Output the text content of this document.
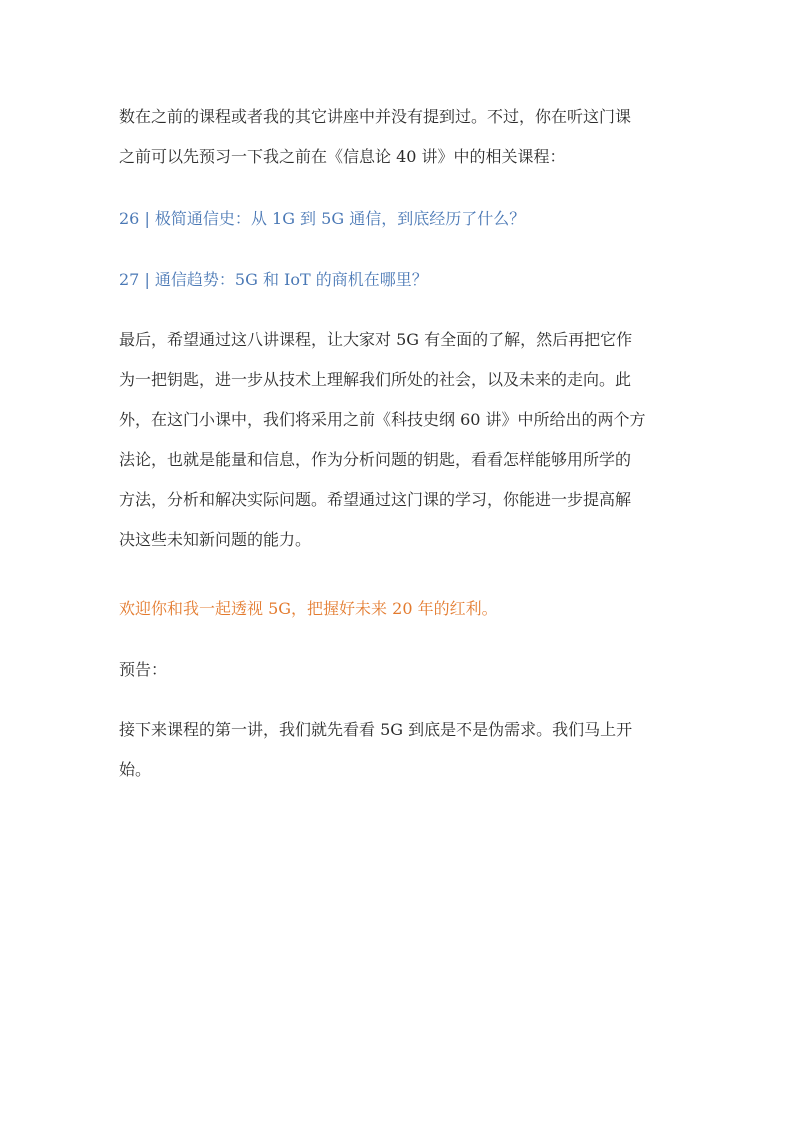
数在之前的课程或者我的其它讲座中并没有提到过。不过，你在听这门课
之前可以先预习一下我之前在《信息论 40 讲》中的相关课程：
26 | 极简通信史：从 1G 到 5G 通信，到底经历了什么？
27 | 通信趋势：5G 和 IoT 的商机在哪里？
最后，希望通过这八讲课程，让大家对 5G 有全面的了解，然后再把它作
为一把钥匙，进一步从技术上理解我们所处的社会，以及未来的走向。此
外，在这门小课中，我们将采用之前《科技史纲 60 讲》中所给出的两个方
法论，也就是能量和信息，作为分析问题的钥匙，看看怎样能够用所学的
方法，分析和解决实际问题。希望通过这门课的学习，你能进一步提高解
决这些未知新问题的能力。
欢迎你和我一起透视 5G，把握好未来 20 年的红利。
预告：
接下来课程的第一讲，我们就先看看 5G 到底是不是伪需求。我们马上开
始。
